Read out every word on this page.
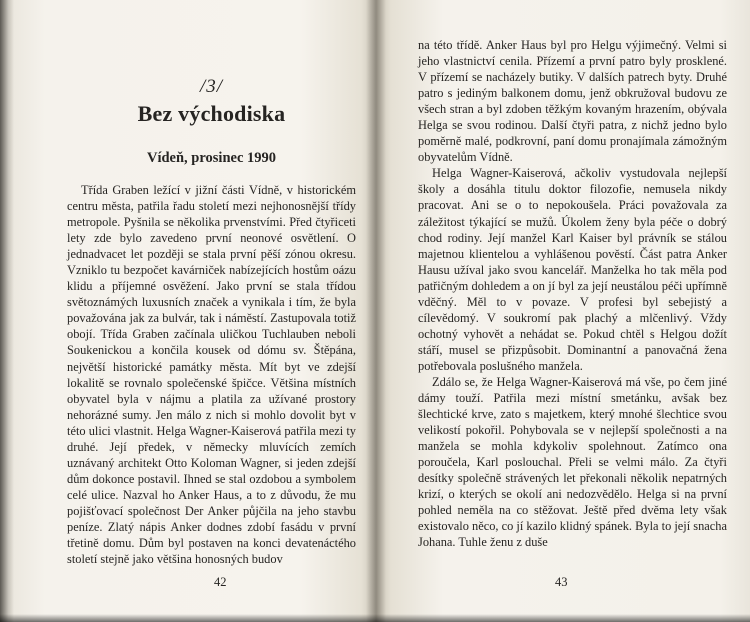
/3/
Bez východiska
Vídeň, prosinec 1990

Třída Graben ležící v jižní části Vídně, v historickém centru města, patřila řadu století mezi nejhonosnější třídy metropole. Pyšnila se několika prvenstvími. Před čtyřiceti lety zde bylo zavedeno první neonové osvětlení. O jednadvacet let později se stala první pěší zónou okresu. Vzniklo tu bezpočet kavárniček nabízejících hostům oázu klidu a příjemné osvěžení. Jako první se stala třídou světoznámých luxusních značek a vynikala i tím, že byla považována jak za bulvár, tak i náměstí. Zastupovala totiž obojí. Třída Graben začínala uličkou Tuchlauben neboli Soukenickou a končila kousek od dómu sv. Štěpána, největší historické památky města. Mít byt ve zdejší lokalitě se rovnalo společenské špičce. Většina místních obyvatel byla v nájmu a platila za užívané prostory nehorázné sumy. Jen málo z nich si mohlo dovolit byt v této ulici vlastnit. Helga Wagner-Kaiserová patřila mezi ty druhé. Její předek, v německy mluvících zemích uznávaný architekt Otto Koloman Wagner, si jeden zdejší dům dokonce postavil. Ihned se stal ozdobou a symbolem celé ulice. Nazval ho Anker Haus, a to z důvodu, že mu pojišťovací společnost Der Anker půjčila na jeho stavbu peníze. Zlatý nápis Anker dodnes zdobí fasádu v první třetině domu. Dům byl postaven na konci devatenáctého století stejně jako většina honosných budov

42

na této třídě. Anker Haus byl pro Helgu výjimečný. Velmi si jeho vlastnictví cenila. Přízemí a první patro byly prosklené. V přízemí se nacházely butiky. V dalších patrech byty. Druhé patro s jediným balkonem domu, jenž obkružoval budovu ze všech stran a byl zdoben těžkým kovaným hrazením, obývala Helga se svou rodinou. Další čtyři patra, z nichž jedno bylo poměrně malé, podkrovní, paní domu pronajímala zámožným obyvatelům Vídně.

Helga Wagner-Kaiserová, ačkoliv vystudovala nejlepší školy a dosáhla titulu doktor filozofie, nemusela nikdy pracovat. Ani se o to nepokoušela. Práci považovala za záležitost týkající se mužů. Úkolem ženy byla péče o dobrý chod rodiny. Její manžel Karl Kaiser byl právník se stálou majetnou klientelou a vyhlášenou pověstí. Část patra Anker Hausu užíval jako svou kancelář. Manželka ho tak měla pod patřičným dohledem a on jí byl za její neustálou péči upřímně vděčný. Měl to v povaze. V profesi byl sebejistý a cílevědomý. V soukromí pak plachý a mlčenlivý. Vždy ochotný vyhovět a nehádat se. Pokud chtěl s Helgou dožít stáří, musel se přizpůsobit. Dominantní a panovačná žena potřebovala poslušného manžela.

Zdálo se, že Helga Wagner-Kaiserová má vše, po čem jiné dámy touží. Patřila mezi místní smetánku, avšak bez šlechtické krve, zato s majetkem, který mnohé šlechtice svou velikostí pokořil. Pohybovala se v nejlepší společnosti a na manžela se mohla kdykoliv spolehnout. Zatímco ona poroučela, Karl poslouchal. Přeli se velmi málo. Za čtyři desítky společně strávených let překonali několik nepatrných krizí, o kterých se okolí ani nedozvědělo. Helga si na první pohled neměla na co stěžovat. Ještě před dvěma lety však existovalo něco, co jí kazilo klidný spánek. Byla to její snacha Johana. Tuhle ženu z duše

43
